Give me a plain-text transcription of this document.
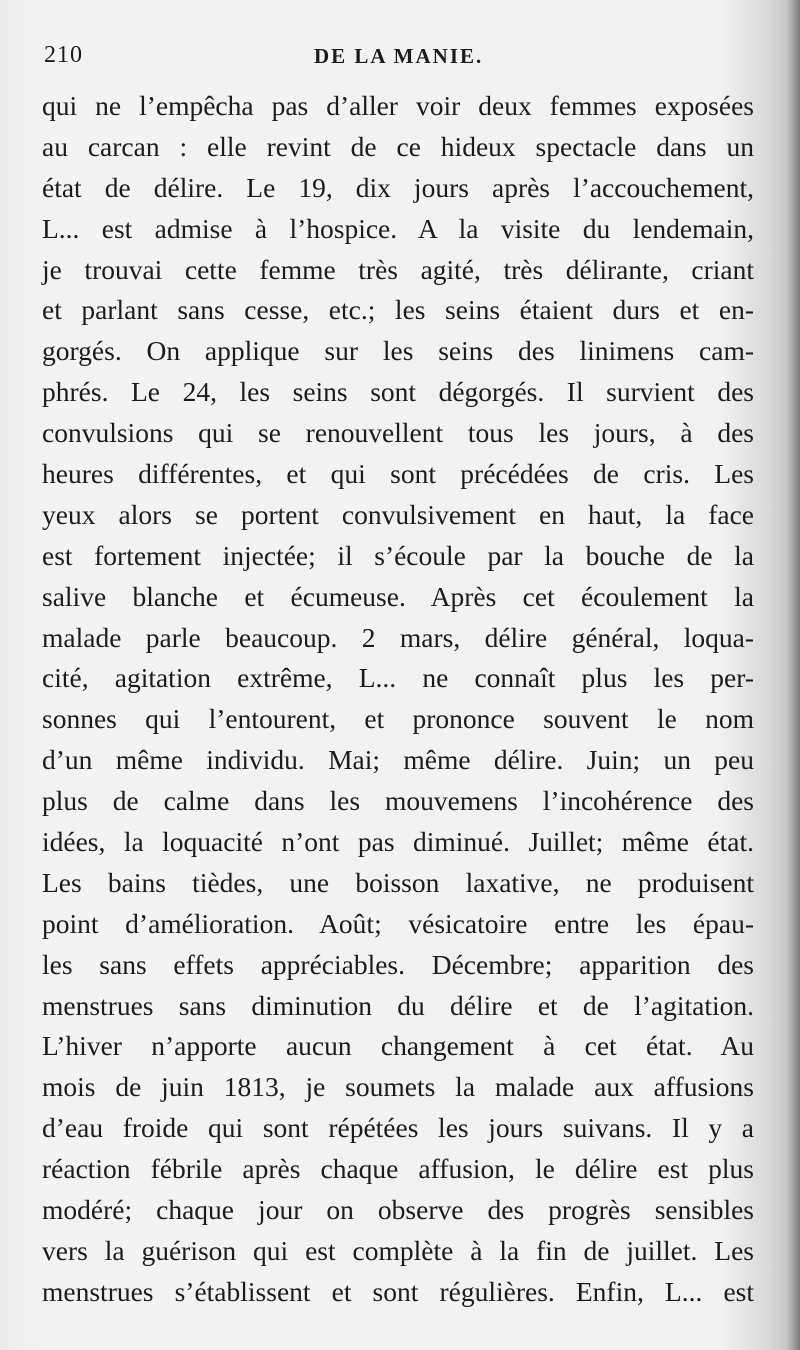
210	DE LA MANIE.
qui ne l’empêcha pas d’aller voir deux femmes exposées
au carcan : elle revint de ce hideux spectacle dans un
état de délire. Le 19, dix jours après l’accouchement,
L... est admise à l’hospice. A la visite du lendemain,
je trouvai cette femme très agité, très délirante, criant
et parlant sans cesse, etc.; les seins étaient durs et en-
gorgés. On applique sur les seins des linimens cam-
phrés. Le 24, les seins sont dégorgés. Il survient des
convulsions qui se renouvellent tous les jours, à des
heures différentes, et qui sont précédées de cris. Les
yeux alors se portent convulsivement en haut, la face
est fortement injectée; il s’écoule par la bouche de la
salive blanche et écumeuse. Après cet écoulement la
malade parle beaucoup. 2 mars, délire général, loqua-
cité, agitation extrême, L... ne connaît plus les per-
sonnes qui l’entourent, et prononce souvent le nom
d’un même individu. Mai; même délire. Juin; un peu
plus de calme dans les mouvemens l’incohérence des
idées, la loquacité n’ont pas diminué. Juillet; même état.
Les bains tièdes, une boisson laxative, ne produisent
point d’amélioration. Août; vésicatoire entre les épau-
les sans effets appréciables. Décembre; apparition des
menstrues sans diminution du délire et de l’agitation.
L’hiver n’apporte aucun changement à cet état. Au
mois de juin 1813, je soumets la malade aux affusions
d’eau froide qui sont répétées les jours suivans. Il y a
réaction fébrile après chaque affusion, le délire est plus
modéré; chaque jour on observe des progrès sensibles
vers la guérison qui est complète à la fin de juillet. Les
menstrues s’établissent et sont régulières. Enfin, L... est
